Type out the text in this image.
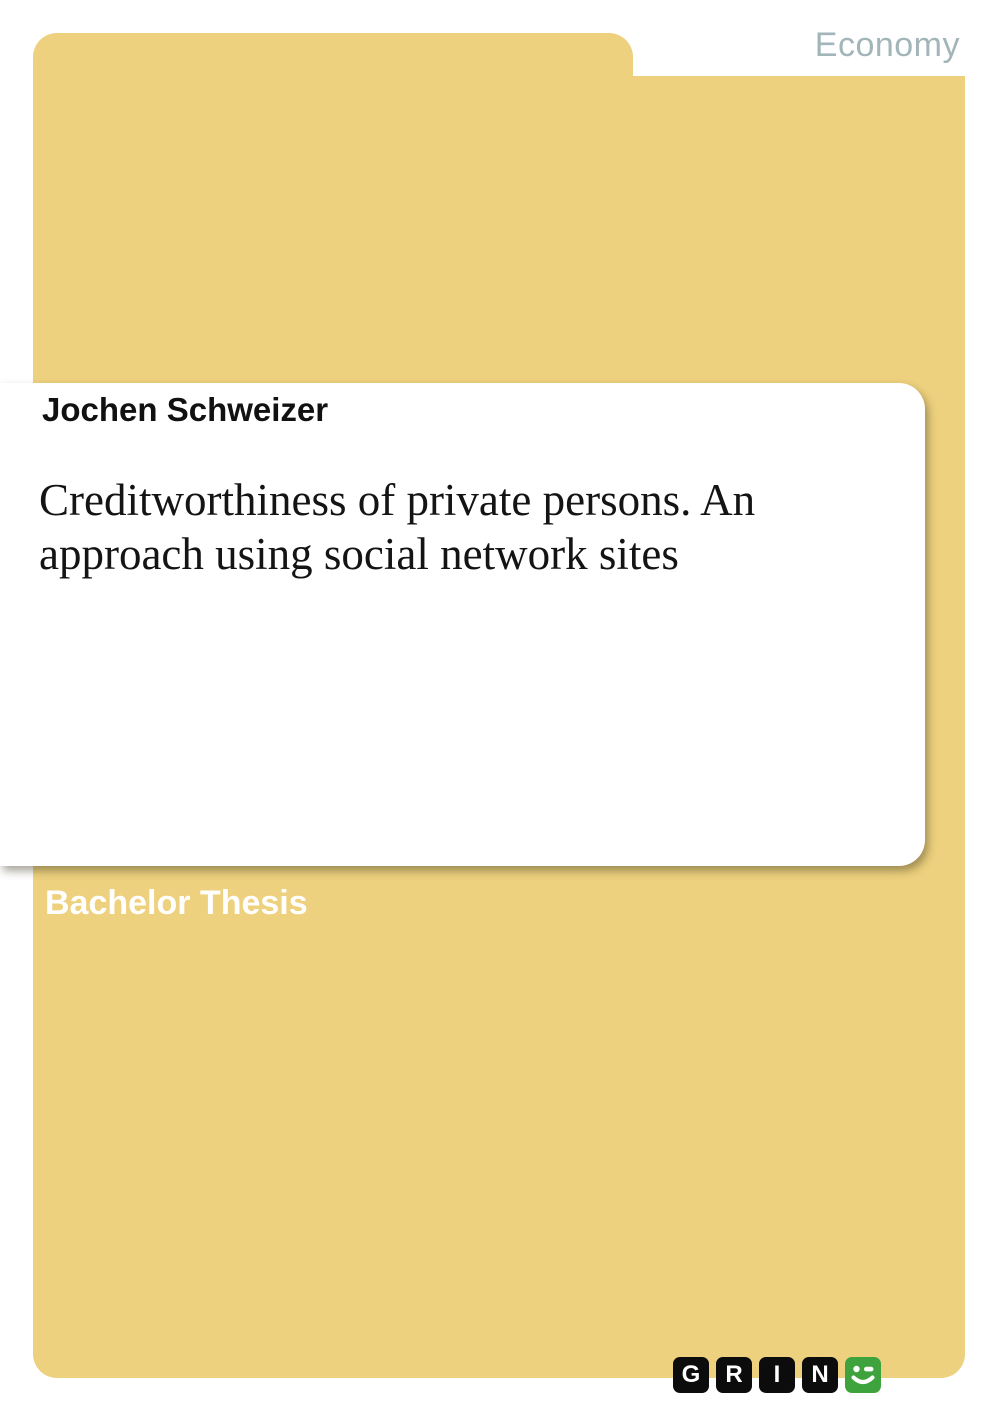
Economy
Jochen Schweizer
Creditworthiness of private persons. An
approach using social network sites
Bachelor Thesis
G	R	I	N
